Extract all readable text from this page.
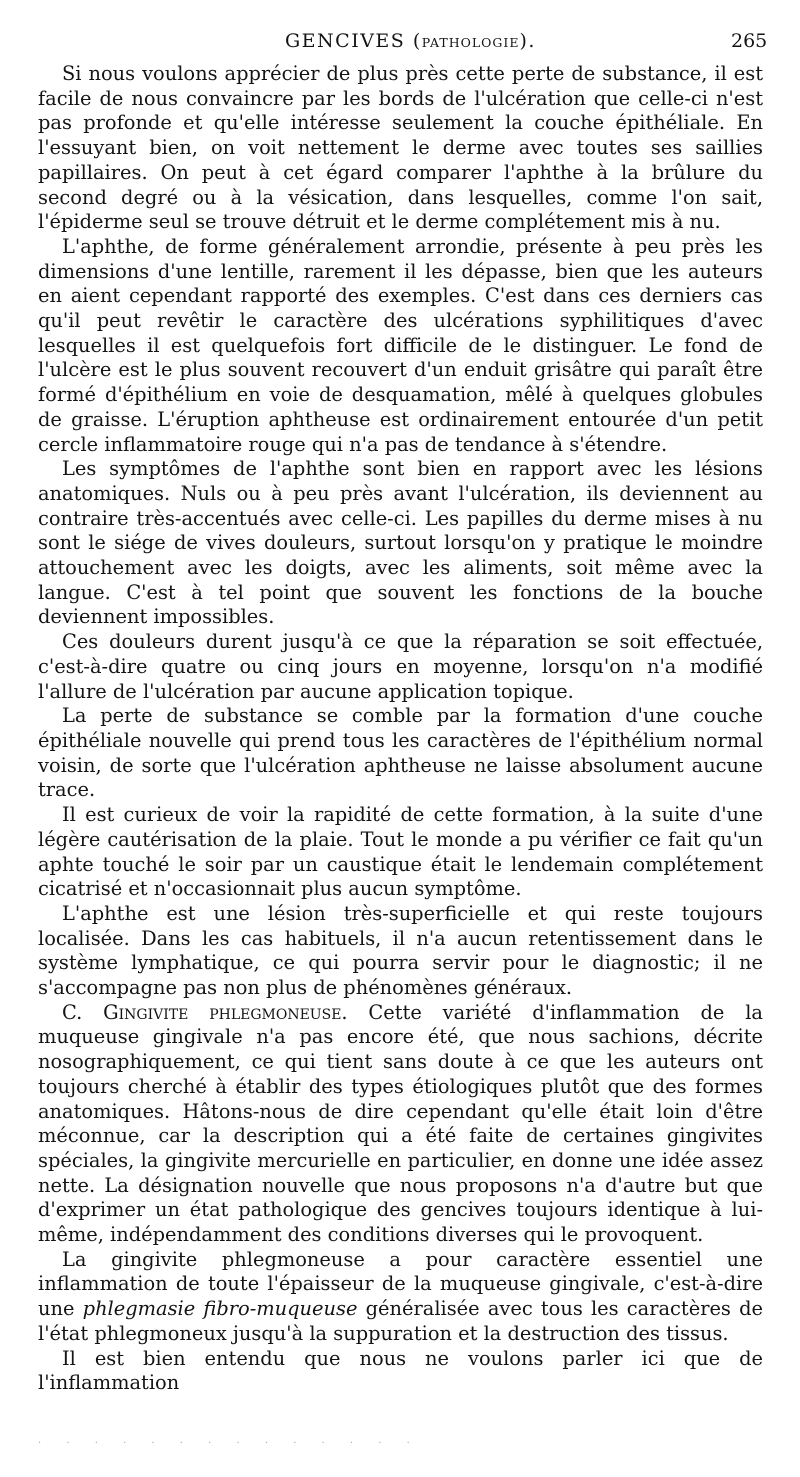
GENCIVES (PATHOLOGIE).	265

Si nous voulons apprécier de plus près cette perte de substance, il est facile de nous convaincre par les bords de l'ulcération que celle-ci n'est pas profonde et qu'elle intéresse seulement la couche épithéliale. En l'essuyant bien, on voit nettement le derme avec toutes ses saillies papillaires. On peut à cet égard comparer l'aphthe à la brûlure du second degré ou à la vésication, dans lesquelles, comme l'on sait, l'épiderme seul se trouve détruit et le derme complétement mis à nu.

L'aphthe, de forme généralement arrondie, présente à peu près les dimensions d'une lentille, rarement il les dépasse, bien que les auteurs en aient cependant rapporté des exemples. C'est dans ces derniers cas qu'il peut revêtir le caractère des ulcérations syphilitiques d'avec lesquelles il est quelquefois fort difficile de le distinguer. Le fond de l'ulcère est le plus souvent recouvert d'un enduit grisâtre qui paraît être formé d'épithélium en voie de desquamation, mêlé à quelques globules de graisse. L'éruption aphtheuse est ordinairement entourée d'un petit cercle inflammatoire rouge qui n'a pas de tendance à s'étendre.

Les symptômes de l'aphthe sont bien en rapport avec les lésions anatomiques. Nuls ou à peu près avant l'ulcération, ils deviennent au contraire très-accentués avec celle-ci. Les papilles du derme mises à nu sont le siége de vives douleurs, surtout lorsqu'on y pratique le moindre attouchement avec les doigts, avec les aliments, soit même avec la langue. C'est à tel point que souvent les fonctions de la bouche deviennent impossibles.

Ces douleurs durent jusqu'à ce que la réparation se soit effectuée, c'est-à-dire quatre ou cinq jours en moyenne, lorsqu'on n'a modifié l'allure de l'ulcération par aucune application topique.

La perte de substance se comble par la formation d'une couche épithéliale nouvelle qui prend tous les caractères de l'épithélium normal voisin, de sorte que l'ulcération aphtheuse ne laisse absolument aucune trace.

Il est curieux de voir la rapidité de cette formation, à la suite d'une légère cautérisation de la plaie. Tout le monde a pu vérifier ce fait qu'un aphte touché le soir par un caustique était le lendemain complétement cicatrisé et n'occasionnait plus aucun symptôme.

L'aphthe est une lésion très-superficielle et qui reste toujours localisée. Dans les cas habituels, il n'a aucun retentissement dans le système lymphatique, ce qui pourra servir pour le diagnostic; il ne s'accompagne pas non plus de phénomènes généraux.

C. Gingivite phlegmoneuse. Cette variété d'inflammation de la muqueuse gingivale n'a pas encore été, que nous sachions, décrite nosographiquement, ce qui tient sans doute à ce que les auteurs ont toujours cherché à établir des types étiologiques plutôt que des formes anatomiques. Hâtons-nous de dire cependant qu'elle était loin d'être méconnue, car la description qui a été faite de certaines gingivites spéciales, la gingivite mercurielle en particulier, en donne une idée assez nette. La désignation nouvelle que nous proposons n'a d'autre but que d'exprimer un état pathologique des gencives toujours identique à lui-même, indépendamment des conditions diverses qui le provoquent.

La gingivite phlegmoneuse a pour caractère essentiel une inflammation de toute l'épaisseur de la muqueuse gingivale, c'est-à-dire une phlegmasie fibro-muqueuse généralisée avec tous les caractères de l'état phlegmoneux jusqu'à la suppuration et la destruction des tissus.

Il est bien entendu que nous ne voulons parler ici que de l'inflammation

· · · · · · · · · · · · · ·
